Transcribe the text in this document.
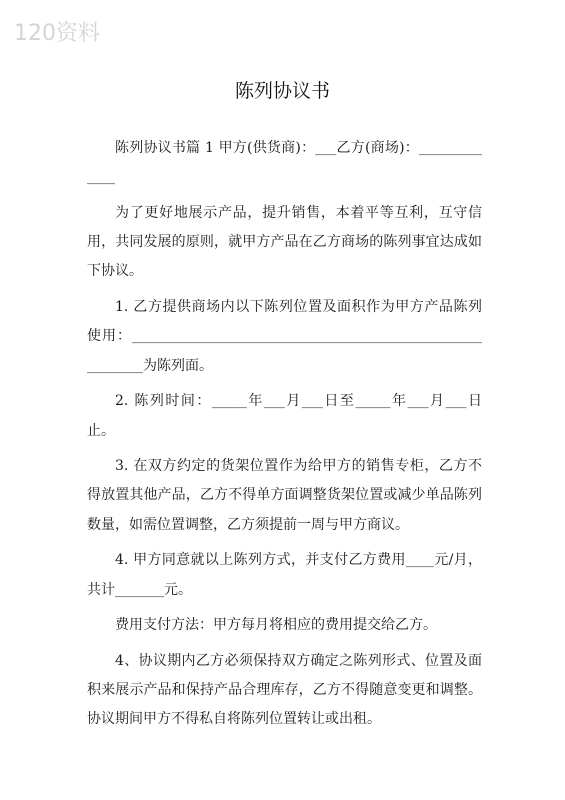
120资料
陈列协议书

陈列协议书篇 1 甲方(供货商)：___乙方(商场)：_____________

为了更好地展示产品，提升销售，本着平等互利，互守信用，共同发展的原则，就甲方产品在乙方商场的陈列事宜达成如下协议。

1. 乙方提供商场内以下陈列位置及面积作为甲方产品陈列使用：__________________________________________________________为陈列面。

2. 陈列时间：_____年___月___日至_____年___月___日止。

3. 在双方约定的货架位置作为给甲方的销售专柜，乙方不得放置其他产品，乙方不得单方面调整货架位置或减少单品陈列数量，如需位置调整，乙方须提前一周与甲方商议。

4. 甲方同意就以上陈列方式，并支付乙方费用____元/月，共计_______元。

费用支付方法：甲方每月将相应的费用提交给乙方。

4、协议期内乙方必须保持双方确定之陈列形式、位置及面积来展示产品和保持产品合理库存，乙方不得随意变更和调整。协议期间甲方不得私自将陈列位置转让或出租。
